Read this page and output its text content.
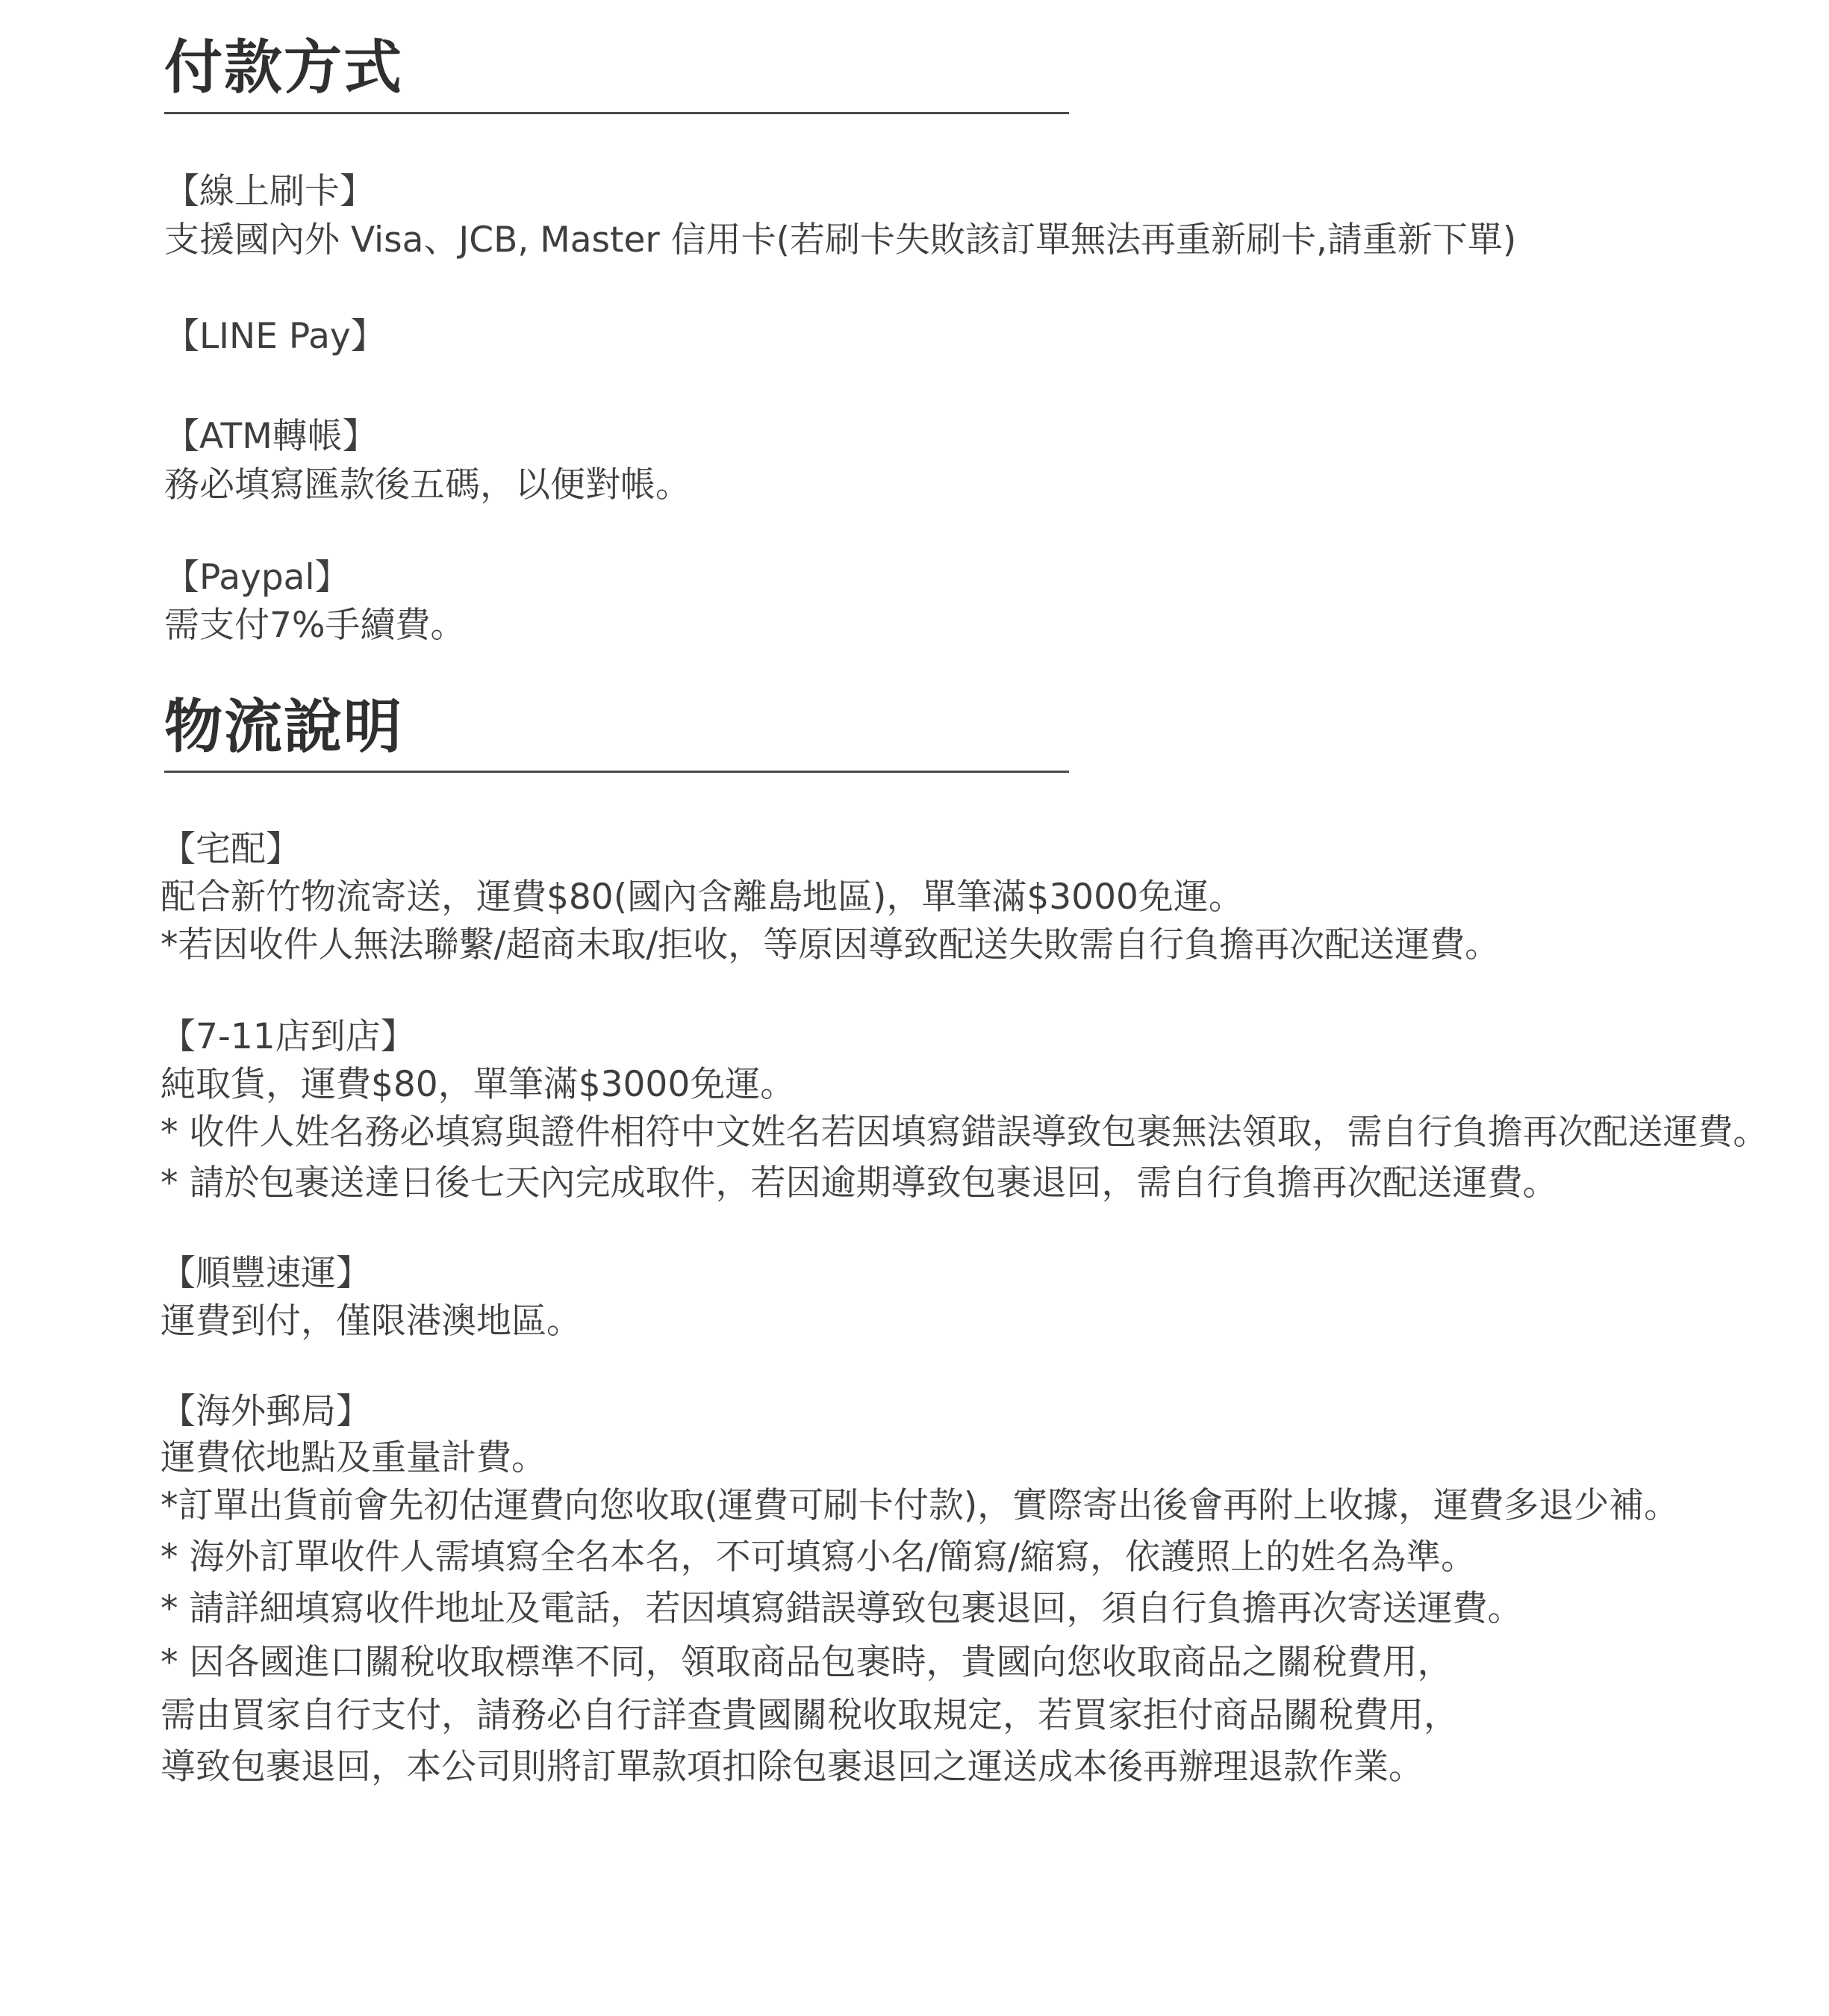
付款方式

【線上刷卡】

支援國內外 Visa、JCB, Master 信用卡(若刷卡失敗該訂單無法再重新刷卡,請重新下單)

【LINE Pay】

【ATM轉帳】

務必填寫匯款後五碼，以便對帳。

【Paypal】

需支付7%手續費。

物流說明

【宅配】

配合新竹物流寄送，運費$80(國內含離島地區)，單筆滿$3000免運。

*若因收件人無法聯繫/超商未取/拒收，等原因導致配送失敗需自行負擔再次配送運費。

【7-11店到店】

純取貨，運費$80，單筆滿$3000免運。

* 收件人姓名務必填寫與證件相符中文姓名若因填寫錯誤導致包裹無法領取，需自行負擔再次配送運費。

* 請於包裹送達日後七天內完成取件，若因逾期導致包裹退回，需自行負擔再次配送運費。

【順豐速運】

運費到付，僅限港澳地區。

【海外郵局】

運費依地點及重量計費。

*訂單出貨前會先初估運費向您收取(運費可刷卡付款)，實際寄出後會再附上收據，運費多退少補。

* 海外訂單收件人需填寫全名本名，不可填寫小名/簡寫/縮寫，依護照上的姓名為準。

* 請詳細填寫收件地址及電話，若因填寫錯誤導致包裹退回，須自行負擔再次寄送運費。

* 因各國進口關稅收取標準不同，領取商品包裹時，貴國向您收取商品之關稅費用，

需由買家自行支付，請務必自行詳查貴國關稅收取規定，若買家拒付商品關稅費用，

導致包裹退回，本公司則將訂單款項扣除包裹退回之運送成本後再辦理退款作業。
